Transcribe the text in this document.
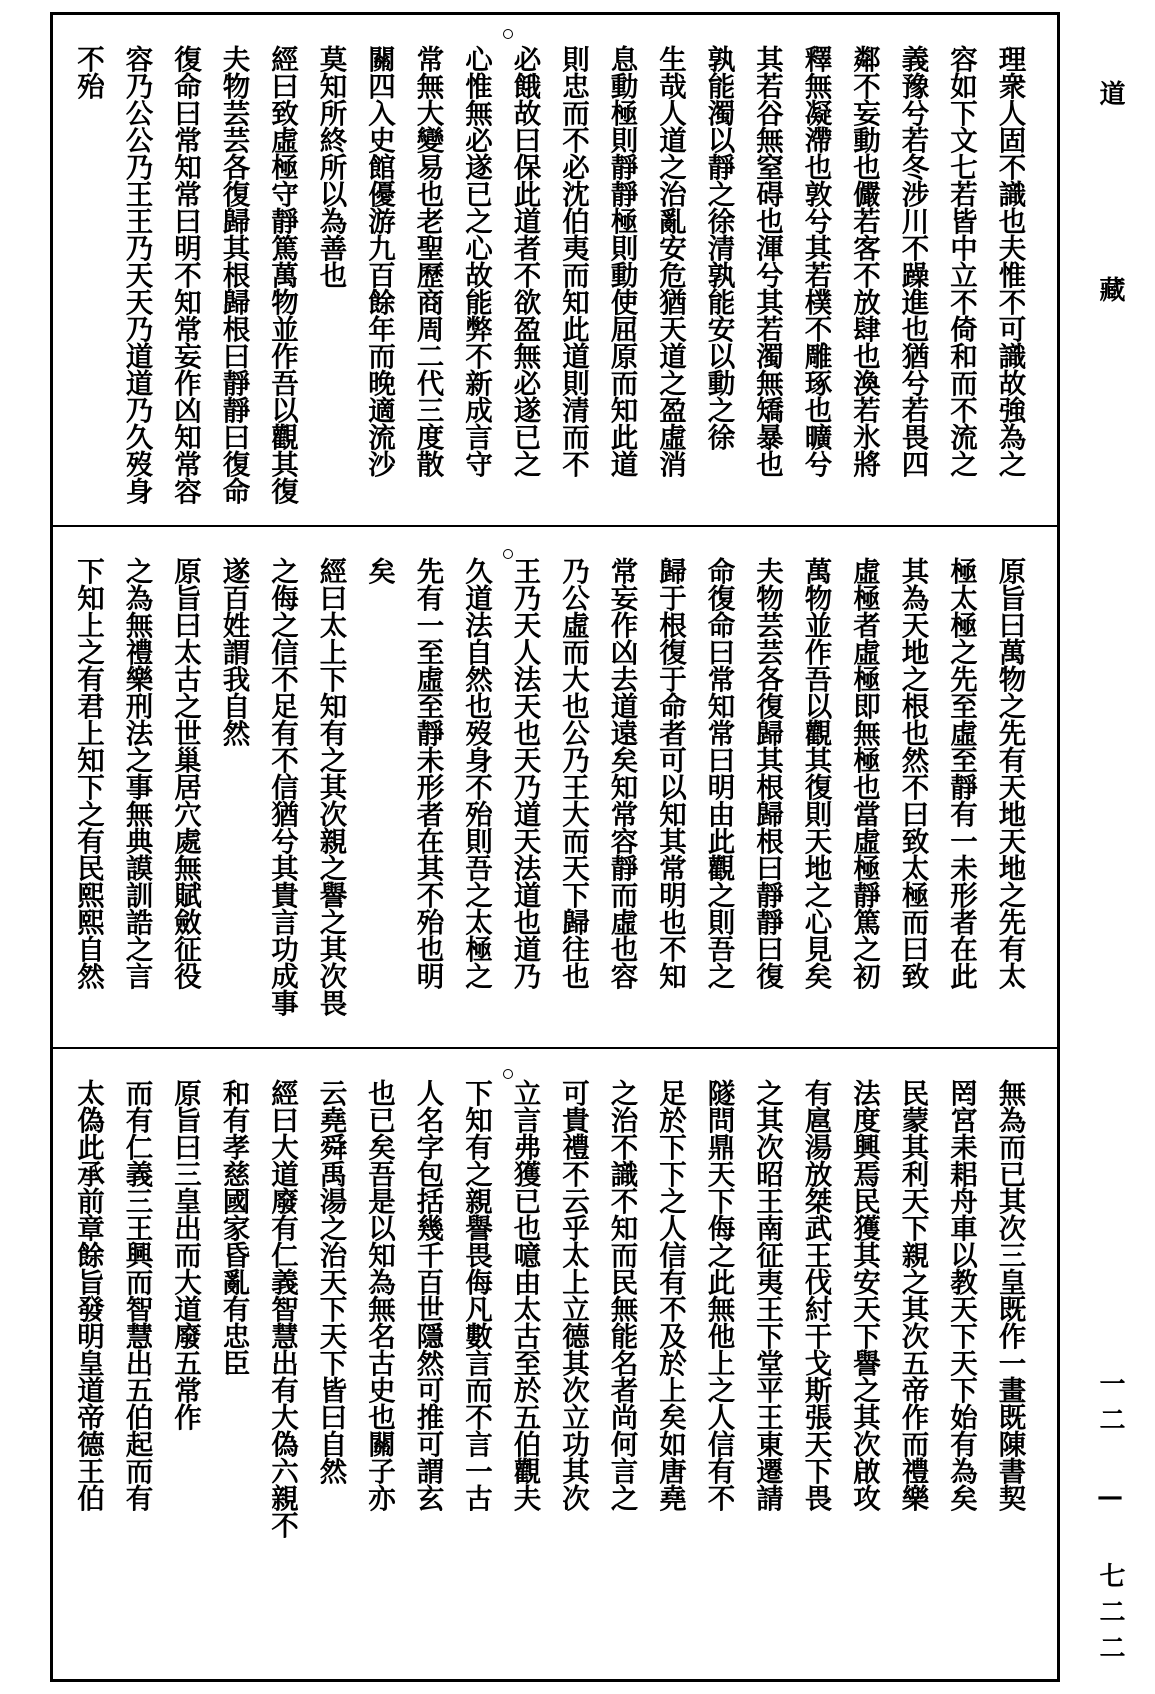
理衆人固不識也夫惟不可識故強為之
容如下文七若皆中立不倚和而不流之
義豫兮若冬涉川不躁進也猶兮若畏四
鄰不妄動也儼若客不放肆也渙若氷將
釋無凝滯也敦兮其若樸不雕琢也曠兮
其若谷無窒碍也渾兮其若濁無矯暴也
孰能濁以靜之徐清孰能安以動之徐
生哉人道之治亂安危猶天道之盈虛消
息動極則靜靜極則動使屈原而知此道
則忠而不必沈伯夷而知此道則清而不
必餓故曰保此道者不欲盈無必遂已之
心惟無必遂已之心故能弊不新成言守
常無大變易也老聖歷商周二代三度散
關四入史館優游九百餘年而晚適流沙
莫知所終所以為善也
經曰致虛極守靜篤萬物並作吾以觀其復
夫物芸芸各復歸其根歸根曰靜靜曰復命
復命曰常知常曰明不知常妄作凶知常容
容乃公公乃王王乃天天乃道道乃久歿身
不殆
原旨曰萬物之先有天地天地之先有太
極太極之先至虛至靜有一未形者在此
其為天地之根也然不曰致太極而曰致
虛極者虛極即無極也當虛極靜篤之初
萬物並作吾以觀其復則天地之心見矣
夫物芸芸各復歸其根歸根曰靜靜曰復
命復命曰常知常曰明由此觀之則吾之
歸于根復于命者可以知其常明也不知
常妄作凶去道遠矣知常容靜而虛也容
乃公虛而大也公乃王大而天下歸往也
王乃天人法天也天乃道天法道也道乃
久道法自然也歿身不殆則吾之太極之
先有一至虛至靜未形者在其不殆也明
矣
經曰太上下知有之其次親之譽之其次畏
之侮之信不足有不信猶兮其貴言功成事
遂百姓謂我自然
原旨曰太古之世巢居穴處無賦斂征役
之為無禮樂刑法之事無典謨訓誥之言
下知上之有君上知下之有民熙熙自然
無為而已其次三皇既作一畫既陳書契
罔宮耒耜舟車以教天下天下始有為矣
民蒙其利天下親之其次五帝作而禮樂
法度興焉民獲其安天下譽之其次啟攻
有扈湯放桀武王伐紂干戈斯張天下畏
之其次昭王南征夷王下堂平王東遷請
隧問鼎天下侮之此無他上之人信有不
足於下下之人信有不及於上矣如唐堯
之治不識不知而民無能名者尚何言之
可貴禮不云乎太上立德其次立功其次
立言弗獲已也噫由太古至於五伯觀夫
下知有之親譽畏侮凡數言而不言一古
人名字包括幾千百世隱然可推可謂玄
也已矣吾是以知為無名古史也關子亦
云堯舜禹湯之治天下天下皆曰自然
經曰大道廢有仁義智慧出有大偽六親不
和有孝慈國家昏亂有忠臣
原旨曰三皇出而大道廢五常作
而有仁義三王興而智慧出五伯起而有
太偽此承前章餘旨發明皇道帝德王伯
道 藏
一二 — 七二二
